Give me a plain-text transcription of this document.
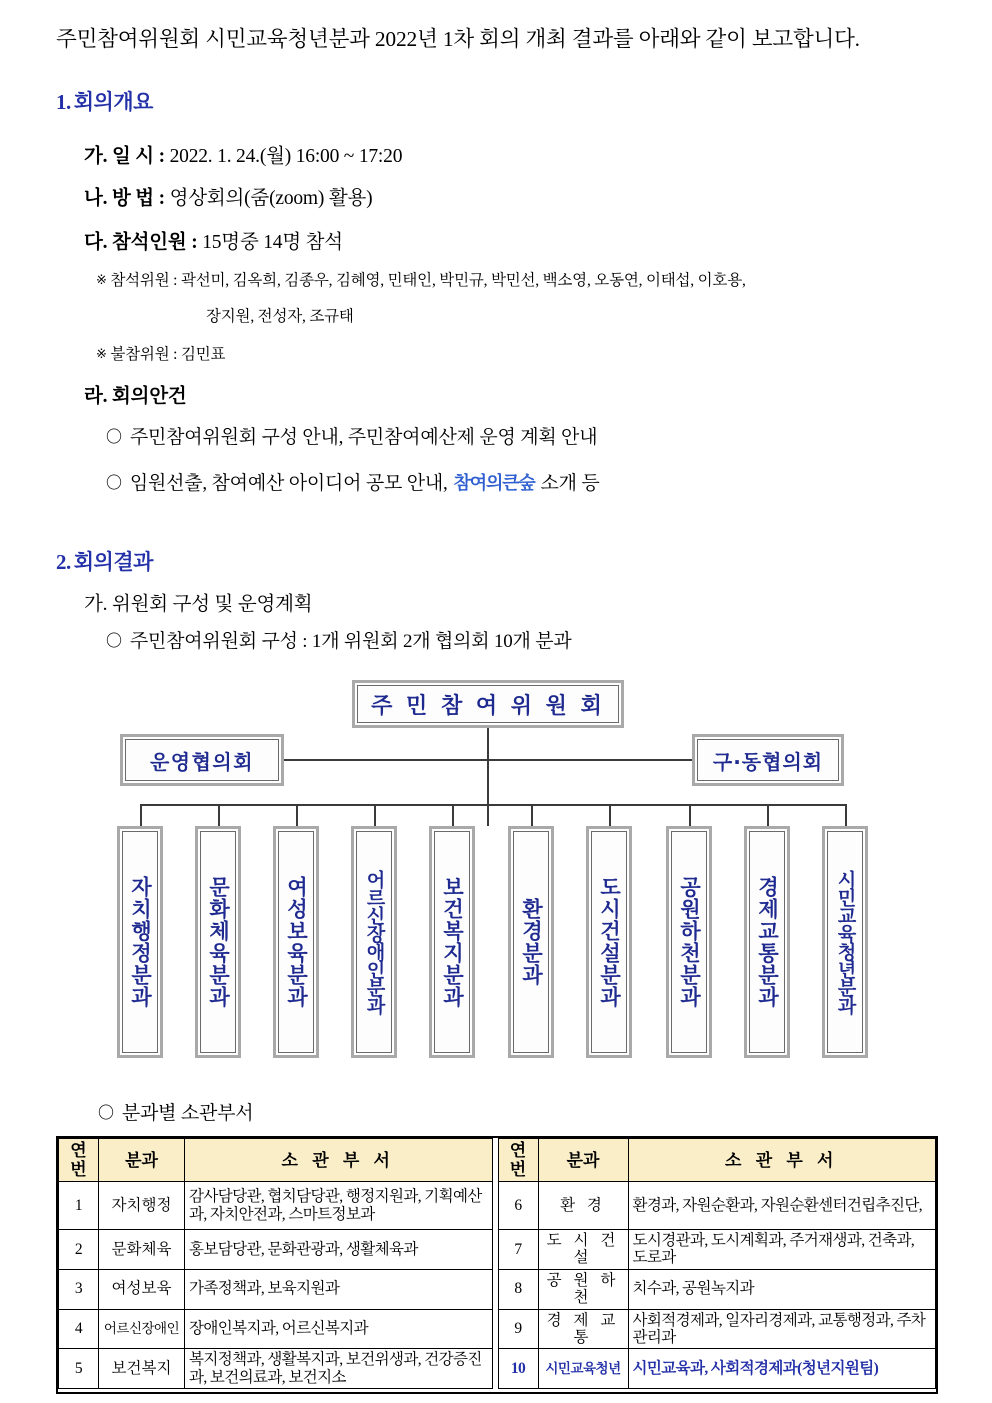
주민참여위원회 시민교육청년분과 2022년 1차 회의 개최 결과를 아래와 같이 보고합니다.
1. 회의개요
가. 일 시 : 2022. 1. 24.(월) 16:00 ~ 17:20
나. 방 법 : 영상회의(줌(zoom) 활용)
다. 참석인원 : 15명중 14명 참석
※ 참석위원 : 곽선미, 김옥희, 김종우, 김혜영, 민태인, 박민규, 박민선, 백소영, 오동연, 이태섭, 이호용,
장지원, 전성자, 조규태
※ 불참위원 : 김민표
라. 회의안건
〇 주민참여위원회 구성 안내, 주민참여예산제 운영 계획 안내
〇 임원선출, 참여예산 아이디어 공모 안내, 참여의큰숲 소개 등
2. 회의결과
가. 위원회 구성 및 운영계획
〇 주민참여위원회 구성 : 1개 위원회 2개 협의회 10개 분과
주 민 참 여 위 원 회
운영협의회	구·동협의회
자치행정분과	문화체육분과	여성보육분과	어르신장애인분과	보건복지분과	환경분과	도시건설분과	공원하천분과	경제교통분과	시민교육청년분과
〇 분과별 소관부서
연번	분과	소 관 부 서		연번	분과	소 관 부 서
1	자치행정	감사담당관, 협치담당관, 행정지원과, 기획예산과, 자치안전과, 스마트정보과		6	환 경	환경과, 자원순환과, 자원순환센터건립추진단,
2	문화체육	홍보담당관, 문화관광과, 생활체육과		7	도 시 건 설	도시경관과, 도시계획과, 주거재생과, 건축과, 도로과
3	여성보육	가족정책과, 보육지원과		8	공 원 하 천	치수과, 공원녹지과
4	어르신장애인	장애인복지과, 어르신복지과		9	경 제 교 통	사회적경제과, 일자리경제과, 교통행정과, 주차관리과
5	보건복지	복지정책과, 생활복지과, 보건위생과, 건강증진과, 보건의료과, 보건지소		10	시민교육청년	시민교육과, 사회적경제과(청년지원팀)
